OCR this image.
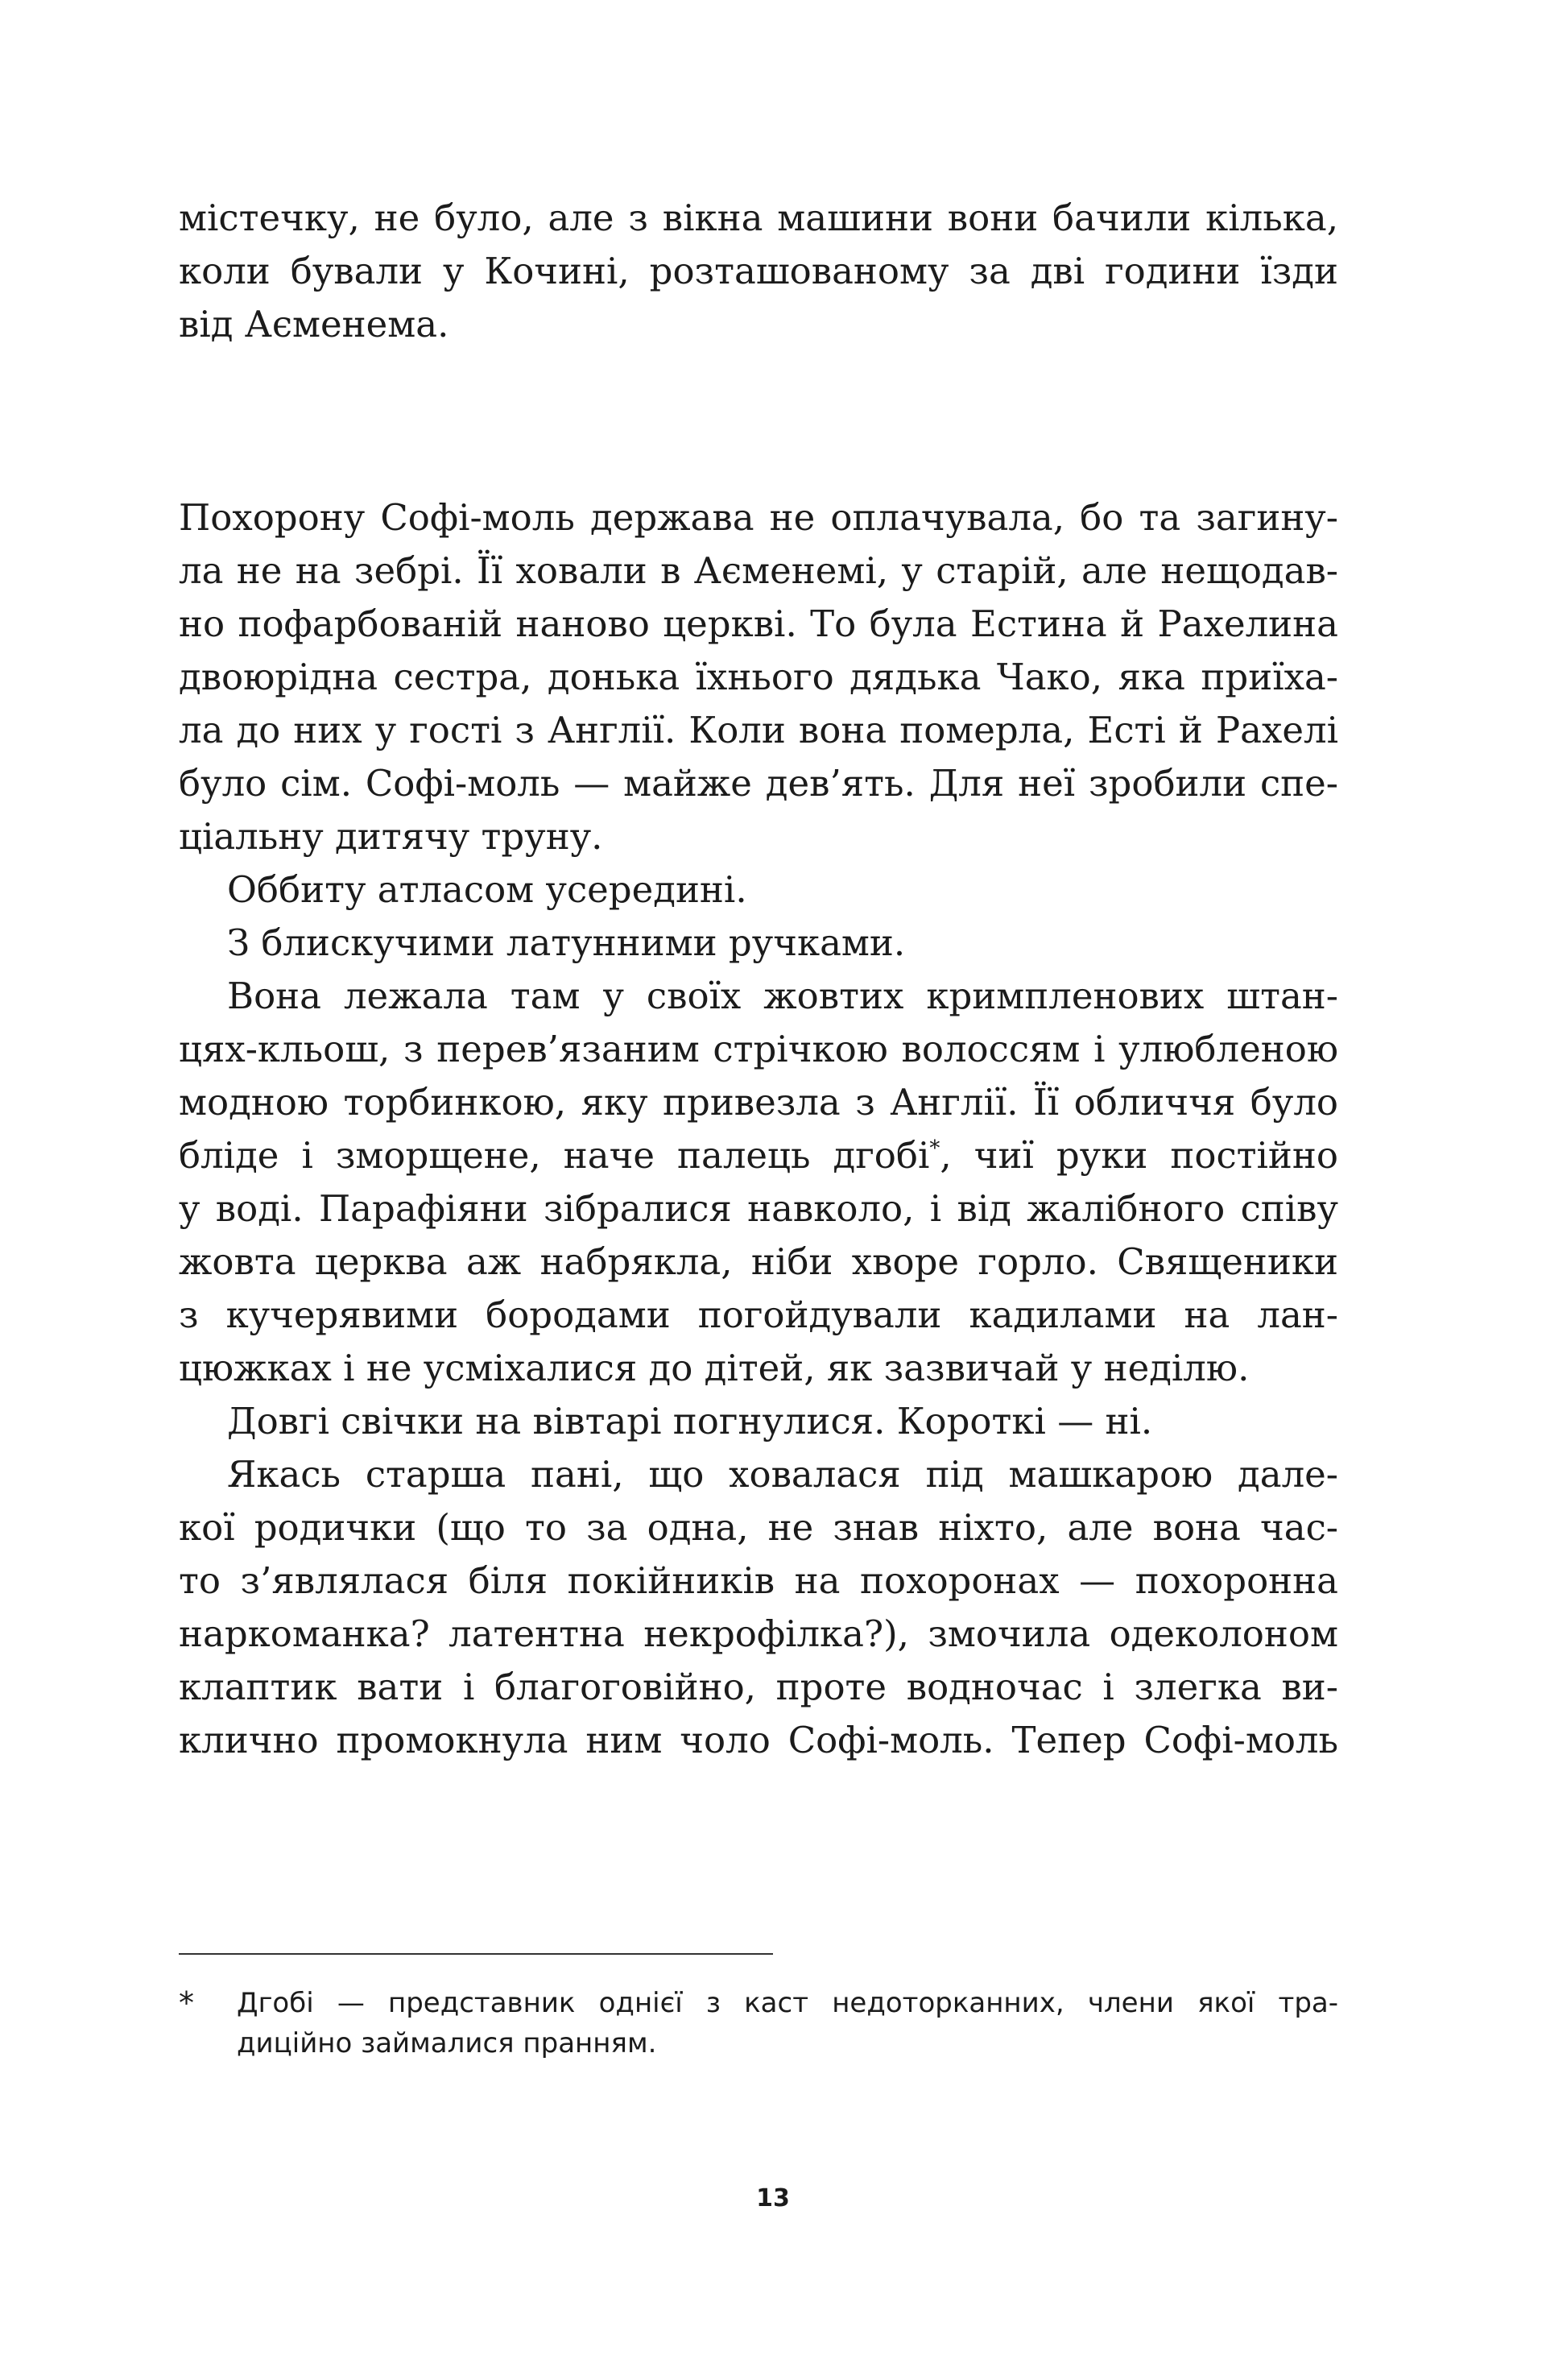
містечку, не було, але з вікна машини вони бачили кілька,
коли бували у Кочині, розташованому за дві години їзди
від Аєменема.
Похорону Софі-моль держава не оплачувала, бо та загину-
ла не на зебрі. Її ховали в Аєменемі, у старій, але нещодав-
но пофарбованій наново церкві. То була Естина й Рахелина
двоюрідна сестра, донька їхнього дядька Чако, яка приїха-
ла до них у гості з Англії. Коли вона померла, Есті й Рахелі
було сім. Софі-моль — майже дев’ять. Для неї зробили спе-
ціальну дитячу труну.
Оббиту атласом усередині.
З блискучими латунними ручками.
Вона лежала там у своїх жовтих кримпленових штан-
цях-кльош, з перев’язаним стрічкою волоссям і улюбленою
модною торбинкою, яку привезла з Англії. Її обличчя було
бліде і зморщене, наче палець дгобі*, чиї руки постійно
у воді. Парафіяни зібралися навколо, і від жалібного співу
жовта церква аж набрякла, ніби хворе горло. Священики
з кучерявими бородами погойдували кадилами на лан-
цюжках і не усміхалися до дітей, як зазвичай у неділю.
Довгі свічки на вівтарі погнулися. Короткі — ні.
Якась старша пані, що ховалася під машкарою дале-
кої родички (що то за одна, не знав ніхто, але вона час-
то з’являлася біля покійників на похоронах — похоронна
наркоманка? латентна некрофілка?), змочила одеколоном
клаптик вати і благоговійно, проте водночас і злегка ви-
клично промокнула ним чоло Софі-моль. Тепер Софі-моль
* Дгобі — представник однієї з каст недоторканних, члени якої тра-
диційно займалися пранням.
13
